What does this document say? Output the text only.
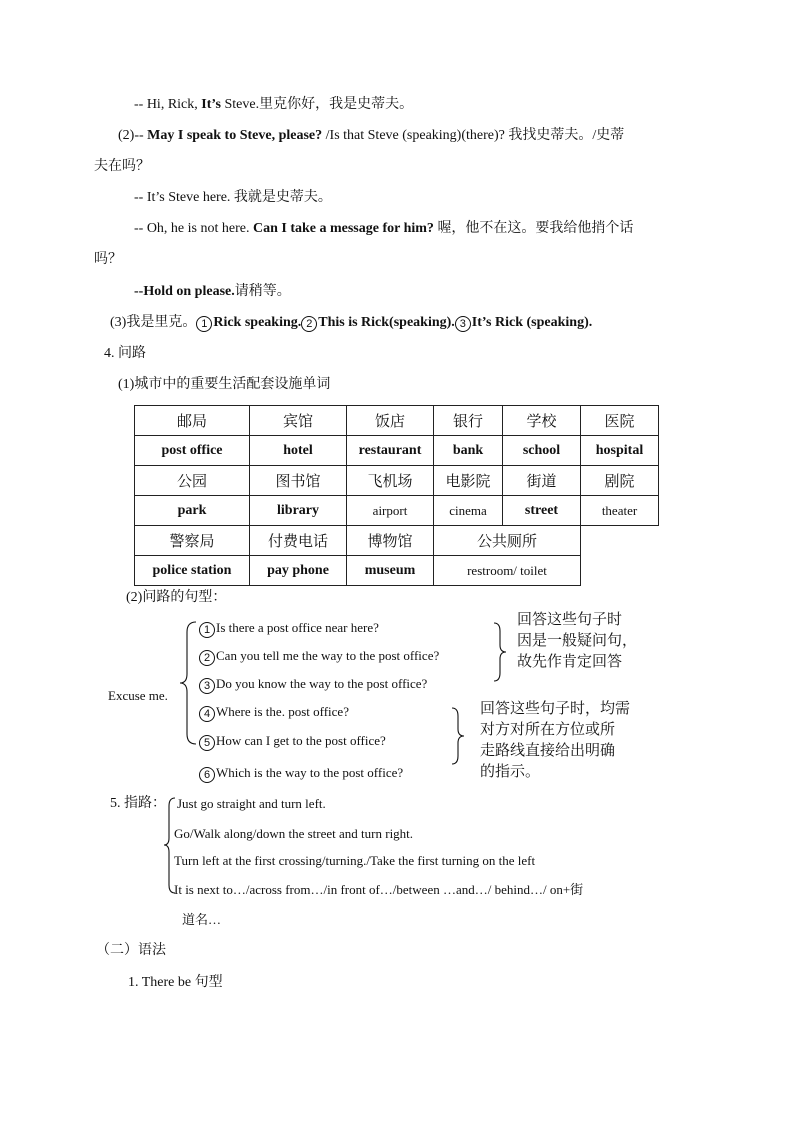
-- Hi, Rick, It’s Steve.里克你好，我是史蒂夫。
(2)-- May I speak to Steve, please? /Is that Steve (speaking)(there)? 我找史蒂夫。/史蒂
夫在吗？
-- It’s Steve here. 我就是史蒂夫。
-- Oh, he is not here. Can I take a message for him? 喔，他不在这。要我给他捎个话
吗？
--Hold on please.请稍等。
(3)我是里克。 1 Rick speaking. 2 This is Rick(speaking). 3 It’s Rick (speaking).
4. 问路
(1)城市中的重要生活配套设施单词
邮局	宾馆	饭店	银行	学校	医院
post office	hotel	restaurant	bank	school	hospital
公园	图书馆	飞机场	电影院	街道	剧院
park	library	airport	cinema	street	theater
警察局	付费电话	博物馆	公共厕所		
police station	pay phone	museum	restroom/ toilet		
(2)问路的句型：
Excuse me.
1 Is there a post office near here?
2 Can you tell me the way to the post office?
3 Do you know the way to the post office?
4 Where is the. post office?
5 How can I get to the post office?
6 Which is the way to the post office?
回答这些句子时
因是一般疑问句，
故先作肯定回答
回答这些句子时，均需
对方对所在方位或所
走路线直接给出明确
的指示。
5. 指路： Just go straight and turn left.
Go/Walk along/down the street and turn right.
Turn left at the first crossing/turning./Take the first turning on the left
It is next to…/across from…/in front of…/between …and…/ behind…/ on+街
道名…
（二）语法
1. There be 句型
